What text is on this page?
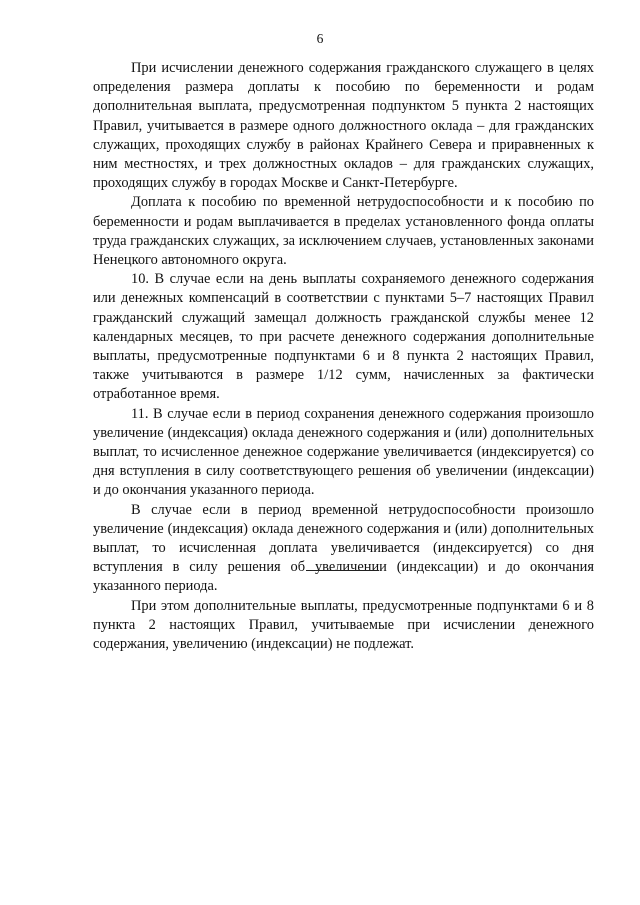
6

При исчислении денежного содержания гражданского служащего в целях определения размера доплаты к пособию по беременности и родам дополнительная выплата, предусмотренная подпунктом 5 пункта 2 настоящих Правил, учитывается в размере одного должностного оклада – для гражданских служащих, проходящих службу в районах Крайнего Севера и приравненных к ним местностях, и трех должностных окладов – для гражданских служащих, проходящих службу в городах Москве и Санкт-Петербурге.

Доплата к пособию по временной нетрудоспособности и к пособию по беременности и родам выплачивается в пределах установленного фонда оплаты труда гражданских служащих, за исключением случаев, установленных законами Ненецкого автономного округа.

10. В случае если на день выплаты сохраняемого денежного содержания или денежных компенсаций в соответствии с пунктами 5–7 настоящих Правил гражданский служащий замещал должность гражданской службы менее 12 календарных месяцев, то при расчете денежного содержания дополнительные выплаты, предусмотренные подпунктами 6 и 8 пункта 2 настоящих Правил, также учитываются в размере 1/12 сумм, начисленных за фактически отработанное время.

11. В случае если в период сохранения денежного содержания произошло увеличение (индексация) оклада денежного содержания и (или) дополнительных выплат, то исчисленное денежное содержание увеличивается (индексируется) со дня вступления в силу соответствующего решения об увеличении (индексации) и до окончания указанного периода.

В случае если в период временной нетрудоспособности произошло увеличение (индексация) оклада денежного содержания и (или) дополнительных выплат, то исчисленная доплата увеличивается (индексируется) со дня вступления в силу решения об увеличении (индексации) и до окончания указанного периода.

При этом дополнительные выплаты, предусмотренные подпунктами 6 и 8 пункта 2 настоящих Правил, учитываемые при исчислении денежного содержания, увеличению (индексации) не подлежат.
